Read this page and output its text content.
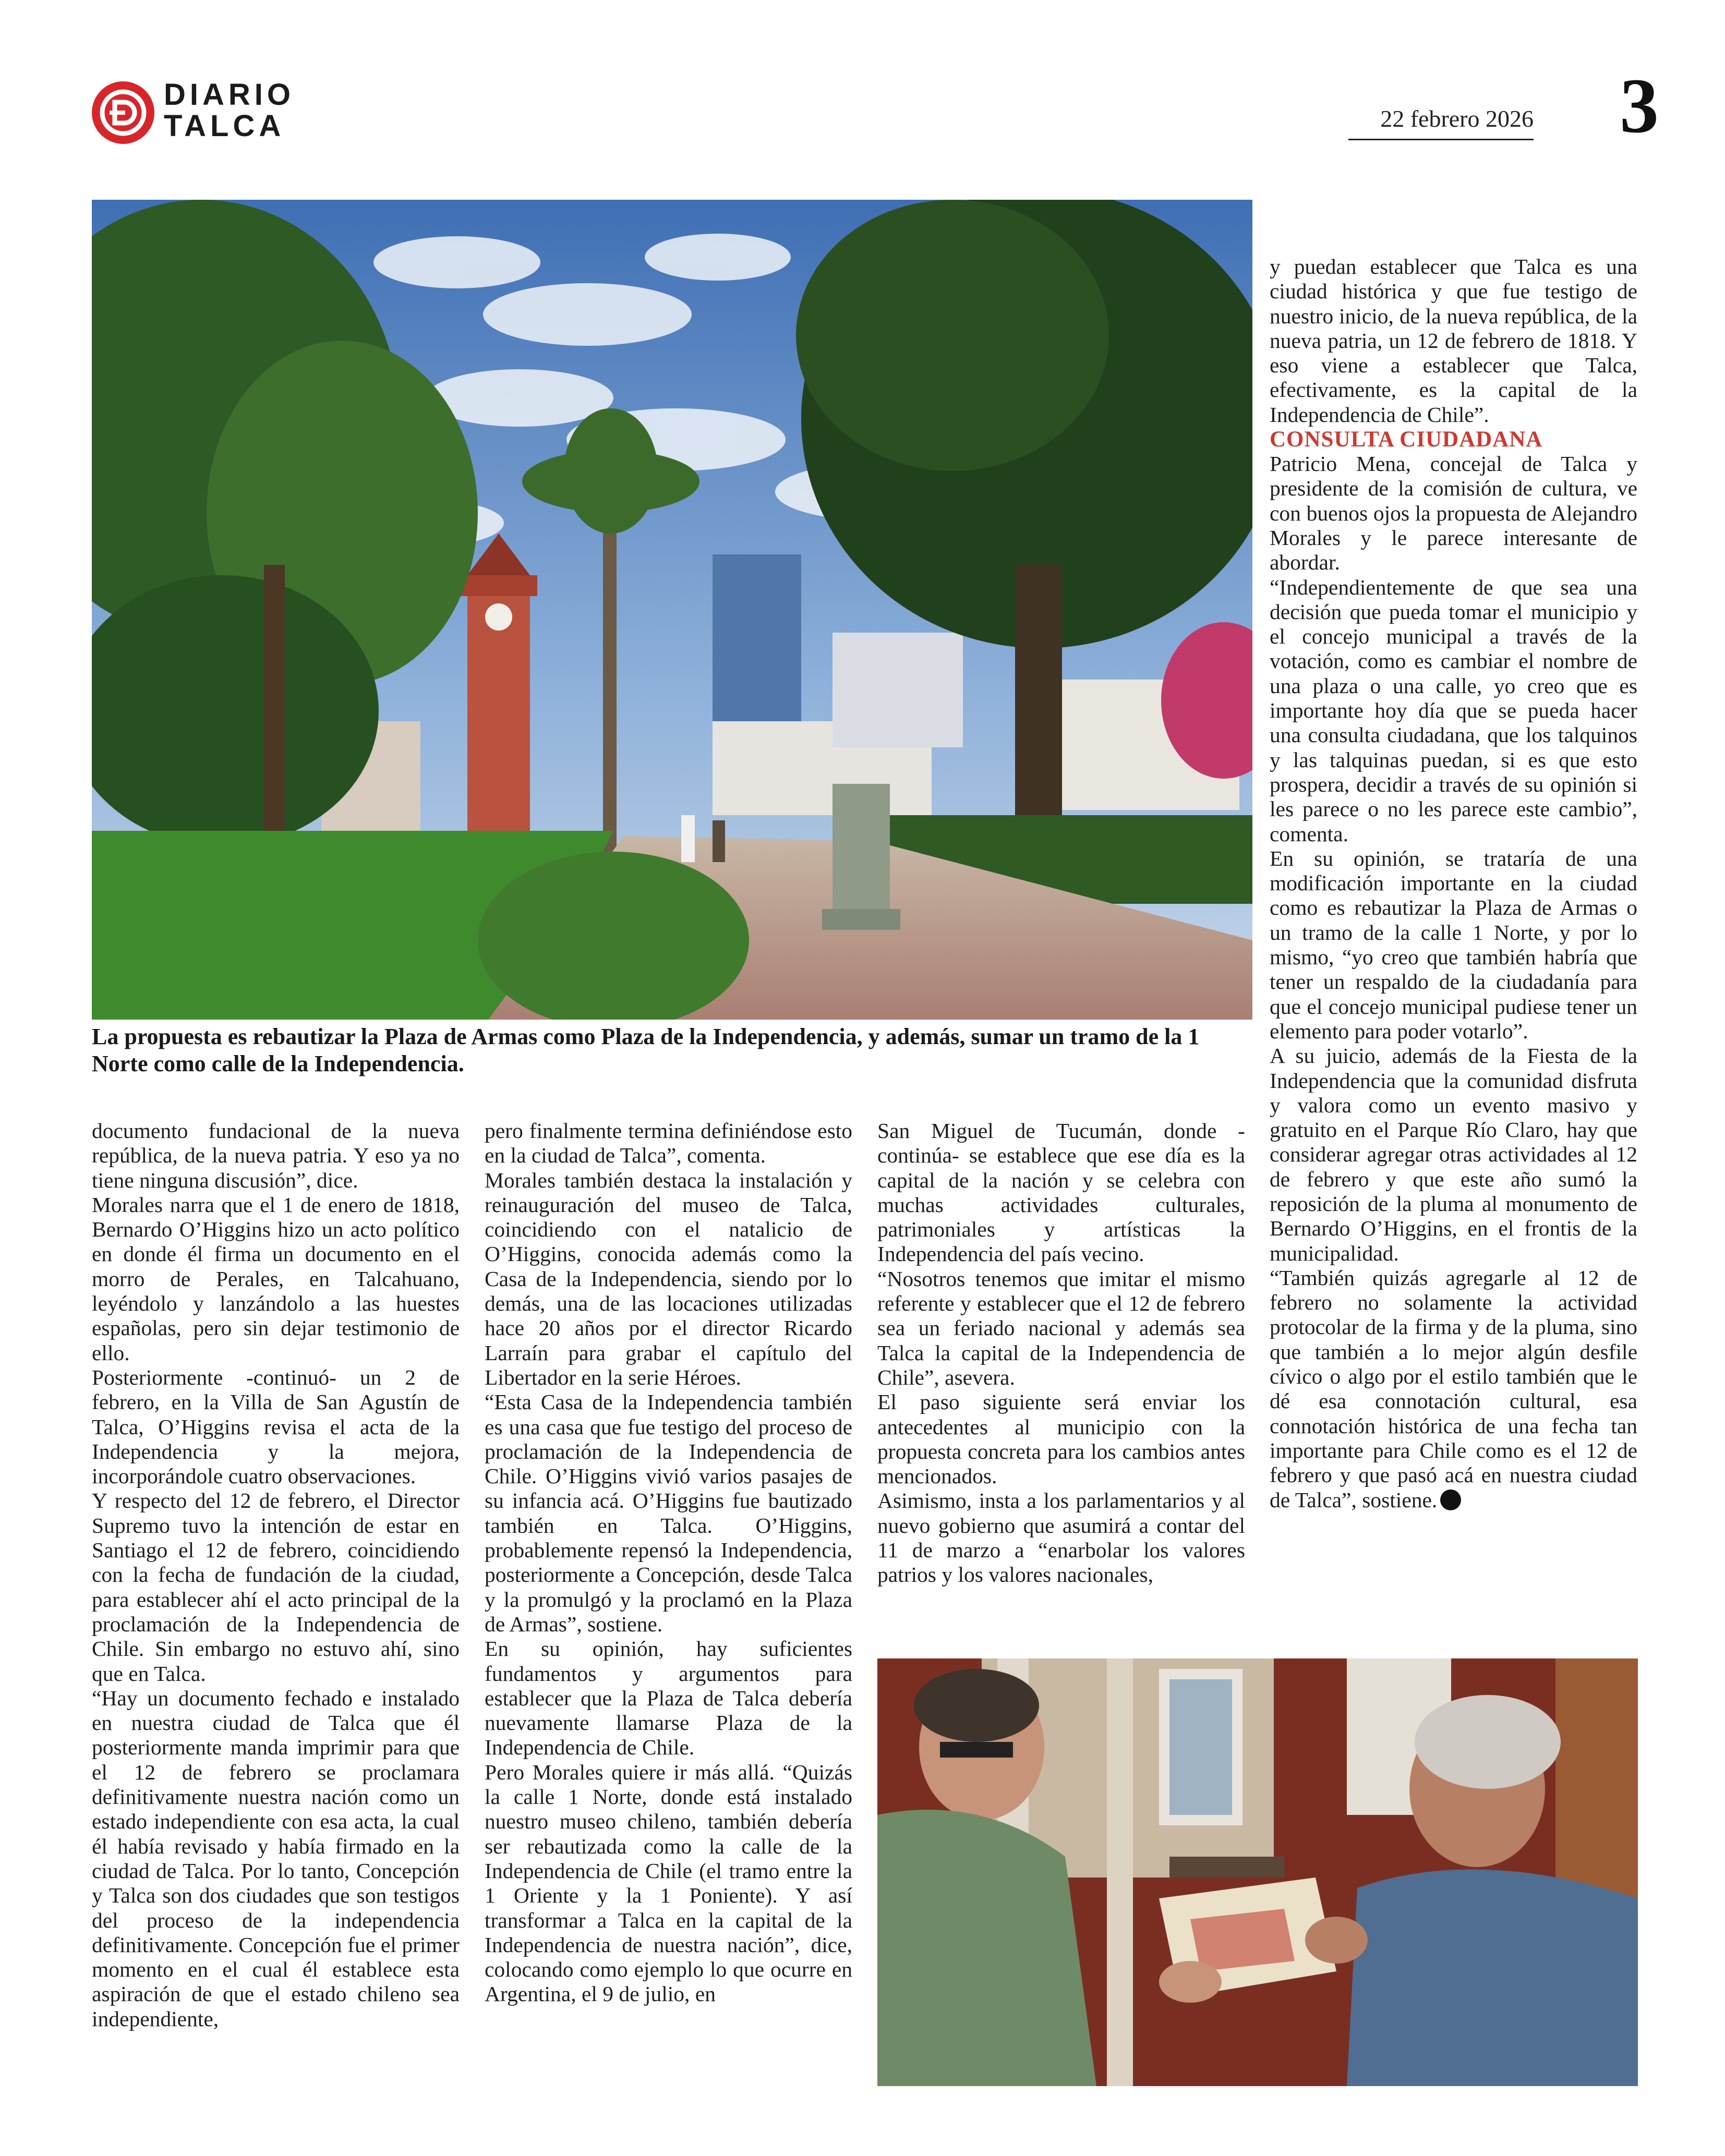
DIARIO
TALCA	22 febrero 2026 3
La propuesta es rebautizar la Plaza de Armas como Plaza de la Independencia, y además, sumar un tramo de la 1 Norte como calle de la Independencia.

documento fundacional de la nueva república, de la nueva patria. Y eso ya no tiene ninguna discusión”, dice.

Morales narra que el 1 de enero de 1818, Bernardo O’Higgins hizo un acto político en donde él firma un documento en el morro de Perales, en Talcahuano, leyéndolo y lanzándolo a las huestes españolas, pero sin dejar testimonio de ello.

Posteriormente -continuó- un 2 de febrero, en la Villa de San Agustín de Talca, O’Higgins revisa el acta de la Independencia y la mejora, incorporándole cuatro observaciones.

Y respecto del 12 de febrero, el Director Supremo tuvo la intención de estar en Santiago el 12 de febrero, coincidiendo con la fecha de fundación de la ciudad, para establecer ahí el acto principal de la proclamación de la Independencia de Chile. Sin embargo no estuvo ahí, sino que en Talca.

“Hay un documento fechado e instalado en nuestra ciudad de Talca que él posteriormente manda imprimir para que el 12 de febrero se proclamara definitivamente nuestra nación como un estado independiente con esa acta, la cual él había revisado y había firmado en la ciudad de Talca. Por lo tanto, Concepción y Talca son dos ciudades que son testigos del proceso de la independencia definitivamente. Concepción fue el primer momento en el cual él establece esta aspiración de que el estado chileno sea independiente,

pero finalmente termina definiéndose esto en la ciudad de Talca”, comenta.

Morales también destaca la instalación y reinauguración del museo de Talca, coincidiendo con el natalicio de O’Higgins, conocida además como la Casa de la Independencia, siendo por lo demás, una de las locaciones utilizadas hace 20 años por el director Ricardo Larraín para grabar el capítulo del Libertador en la serie Héroes.

“Esta Casa de la Independencia también es una casa que fue testigo del proceso de proclamación de la Independencia de Chile. O’Higgins vivió varios pasajes de su infancia acá. O’Higgins fue bautizado también en Talca. O’Higgins, probablemente repensó la Independencia, posteriormente a Concepción, desde Talca y la promulgó y la proclamó en la Plaza de Armas”, sostiene.

En su opinión, hay suficientes fundamentos y argumentos para establecer que la Plaza de Talca debería nuevamente llamarse Plaza de la Independencia de Chile.

Pero Morales quiere ir más allá. “Quizás la calle 1 Norte, donde está instalado nuestro museo chileno, también debería ser rebautizada como la calle de la Independencia de Chile (el tramo entre la 1 Oriente y la 1 Poniente). Y así transformar a Talca en la capital de la Independencia de nuestra nación”, dice, colocando como ejemplo lo que ocurre en Argentina, el 9 de julio, en

San Miguel de Tucumán, donde -continúa- se establece que ese día es la capital de la nación y se celebra con muchas actividades culturales, patrimoniales y artísticas la Independencia del país vecino.

“Nosotros tenemos que imitar el mismo referente y establecer que el 12 de febrero sea un feriado nacional y además sea Talca la capital de la Independencia de Chile”, asevera.

El paso siguiente será enviar los antecedentes al municipio con la propuesta concreta para los cambios antes mencionados.

Asimismo, insta a los parlamentarios y al nuevo gobierno que asumirá a contar del 11 de marzo a “enarbolar los valores patrios y los valores nacionales,

y puedan establecer que Talca es una ciudad histórica y que fue testigo de nuestro inicio, de la nueva república, de la nueva patria, un 12 de febrero de 1818. Y eso viene a establecer que Talca, efectivamente, es la capital de la Independencia de Chile”.

CONSULTA CIUDADANA

Patricio Mena, concejal de Talca y presidente de la comisión de cultura, ve con buenos ojos la propuesta de Alejandro Morales y le parece interesante de abordar.

“Independientemente de que sea una decisión que pueda tomar el municipio y el concejo municipal a través de la votación, como es cambiar el nombre de una plaza o una calle, yo creo que es importante hoy día que se pueda hacer una consulta ciudadana, que los talquinos y las talquinas puedan, si es que esto prospera, decidir a través de su opinión si les parece o no les parece este cambio”, comenta.

En su opinión, se trataría de una modificación importante en la ciudad como es rebautizar la Plaza de Armas o un tramo de la calle 1 Norte, y por lo mismo, “yo creo que también habría que tener un respaldo de la ciudadanía para que el concejo municipal pudiese tener un elemento para poder votarlo”.

A su juicio, además de la Fiesta de la Independencia que la comunidad disfruta y valora como un evento masivo y gratuito en el Parque Río Claro, hay que considerar agregar otras actividades al 12 de febrero y que este año sumó la reposición de la pluma al monumento de Bernardo O’Higgins, en el frontis de la municipalidad.

“También quizás agregarle al 12 de febrero no solamente la actividad protocolar de la firma y de la pluma, sino que también a lo mejor algún desfile cívico o algo por el estilo también que le dé esa connotación cultural, esa connotación histórica de una fecha tan importante para Chile como es el 12 de febrero y que pasó acá en nuestra ciudad de Talca”, sostiene.
